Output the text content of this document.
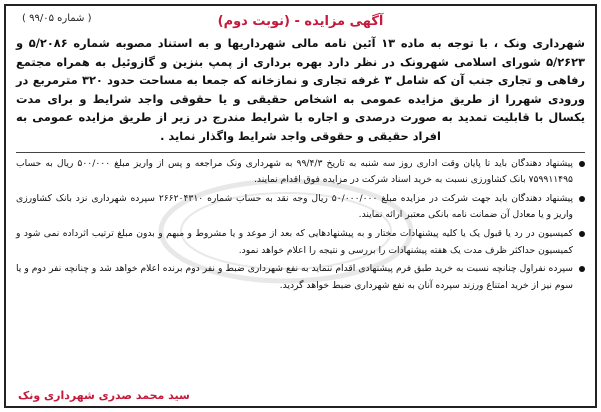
آگهی مزایده - (نوبت دوم)
( شماره ۹۹/۰۵ )

شهرداری ونک ، با توجه به ماده ۱۳ آئین نامه مالی شهرداریها و به استناد مصوبه شماره ۵/۲۰۸۶ و ۵/۲۶۲۳ شورای اسلامی شهرونک در نظر دارد بهره برداری از پمپ بنزین و گازوئیل به همراه مجتمع رفاهی و تجاری جنب آن که شامل ۳ غرفه تجاری و نمازخانه که جمعا به مساحت حدود ۳۲۰ مترمربع در ورودی شهررا از طریق مزایده عمومی به اشخاص حقیقی و یا حقوقی واجد شرایط و برای مدت یکسال با قابلیت تمدید به صورت درصدی و اجاره با شرایط مندرج در زیر از طریق مزایده عمومی به افراد حقیقی و حقوقی واجد شرایط واگذار نماید .

پیشنهاد دهندگان باید تا پایان وقت اداری روز سه شنبه به تاریخ ۹۹/۴/۳ به شهرداری ونک مراجعه و پس از واریز مبلغ ۵۰۰/۰۰۰ ریال به حساب ۷۵۹۹۱۱۴۹۵ بانک کشاورزی نسبت به خرید اسناد شرکت در مزایده فوق اقدام نمایند.
پیشنهاد دهندگان باید جهت شرکت در مزایده مبلغ ۵۰/۰۰۰/۰۰۰ ریال وجه نقد به حساب شماره ۲۶۶۲۰۴۳۱۰ سپرده شهرداری نزد بانک کشاورزی واریز و یا معادل آن ضمانت نامه بانکی معتبر ارائه نمایند.
کمیسیون در رد یا قبول یک یا کلیه پیشنهادات مختار و به پیشنهادهایی که بعد از موعد و یا مشروط و مبهم و بدون مبلغ ترتیب اثرداده نمی شود و کمیسیون حداکثر ظرف مدت یک هفته پیشنهادات را بررسی و نتیجه را اعلام خواهد نمود.
سپرده نفراول چنانچه نسبت به خرید طبق فرم پیشنهادی اقدام ننماید به نفع شهرداری ضبط و نفر دوم برنده اعلام خواهد شد و چنانچه نفر دوم و یا سوم نیز از خرید امتناع ورزند سپرده آنان به نفع شهرداری ضبط خواهد گردید.
سید محمد صدری شهرداری ونک
